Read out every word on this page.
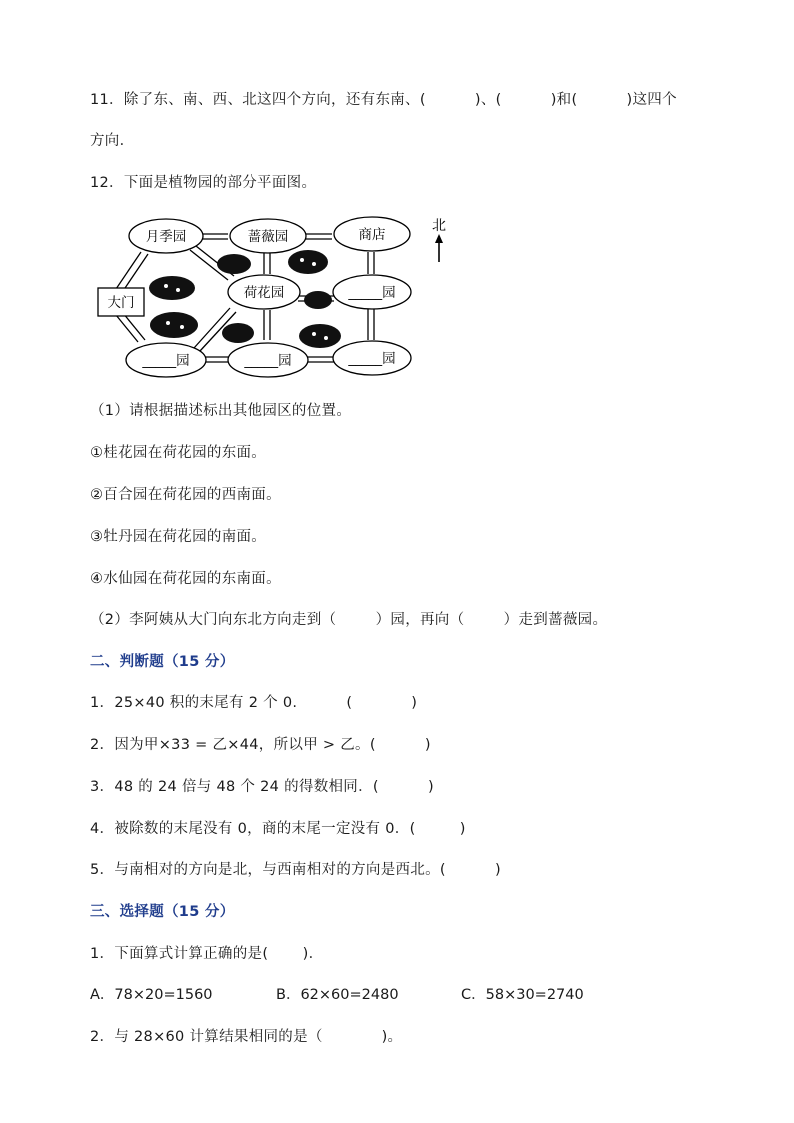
11．除了东、南、西、北这四个方向，还有东南、(          )、(          )和(          )这四个
方向．
12．下面是植物园的部分平面图。
月季园	蔷薇园	商店
荷花园	_____园
_____园	_____园	_____园
大门
北
（1）请根据描述标出其他园区的位置。
①桂花园在荷花园的东面。
②百合园在荷花园的西南面。
③牡丹园在荷花园的南面。
④水仙园在荷花园的东南面。
（2）李阿姨从大门向东北方向走到（        ）园，再向（        ）走到蔷薇园。
二、判断题（15 分）
1．25×40 积的末尾有 2 个 0.          (            )
2．因为甲×33 = 乙×44，所以甲 > 乙。(          )
3．48 的 24 倍与 48 个 24 的得数相同．(          )
4．被除数的末尾没有 0，商的末尾一定没有 0．(         )
5．与南相对的方向是北，与西南相对的方向是西北。(          )
三、选择题（15 分）
1．下面算式计算正确的是(       )．
A．78×20=1560	B．62×60=2480	C．58×30=2740
2．与 28×60 计算结果相同的是（            )。
